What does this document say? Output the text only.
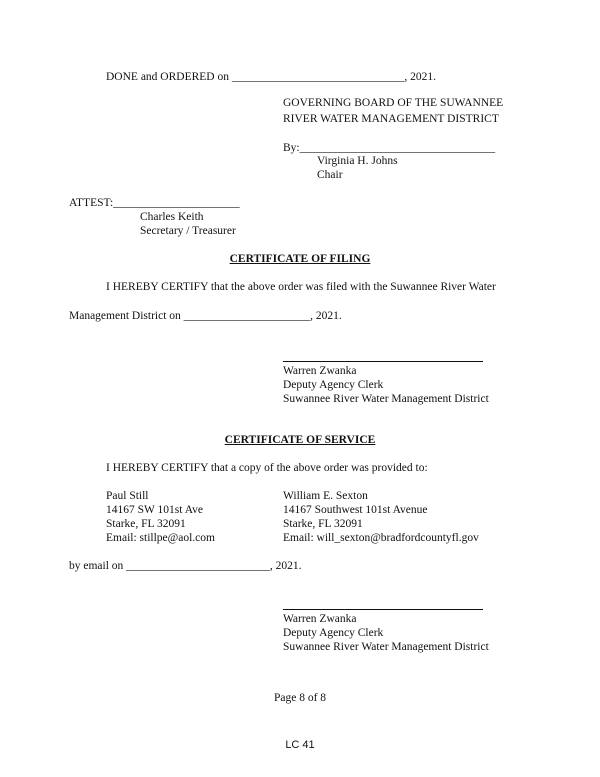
DONE and ORDERED on ______________________________, 2021.
GOVERNING BOARD OF THE SUWANNEE
RIVER WATER MANAGEMENT DISTRICT
By:__________________________________
Virginia H. Johns
Chair
ATTEST:______________________
Charles Keith
Secretary / Treasurer
CERTIFICATE OF FILING
I HEREBY CERTIFY that the above order was filed with the Suwannee River Water
Management District on ______________________, 2021.
Warren Zwanka
Deputy Agency Clerk
Suwannee River Water Management District
CERTIFICATE OF SERVICE
I HEREBY CERTIFY that a copy of the above order was provided to:
Paul Still
14167 SW 101st Ave
Starke, FL 32091
Email: stillpe@aol.com
William E. Sexton
14167 Southwest 101st Avenue
Starke, FL 32091
Email: will_sexton@bradfordcountyfl.gov
by email on _________________________, 2021.
Warren Zwanka
Deputy Agency Clerk
Suwannee River Water Management District
Page 8 of 8
LC 41
